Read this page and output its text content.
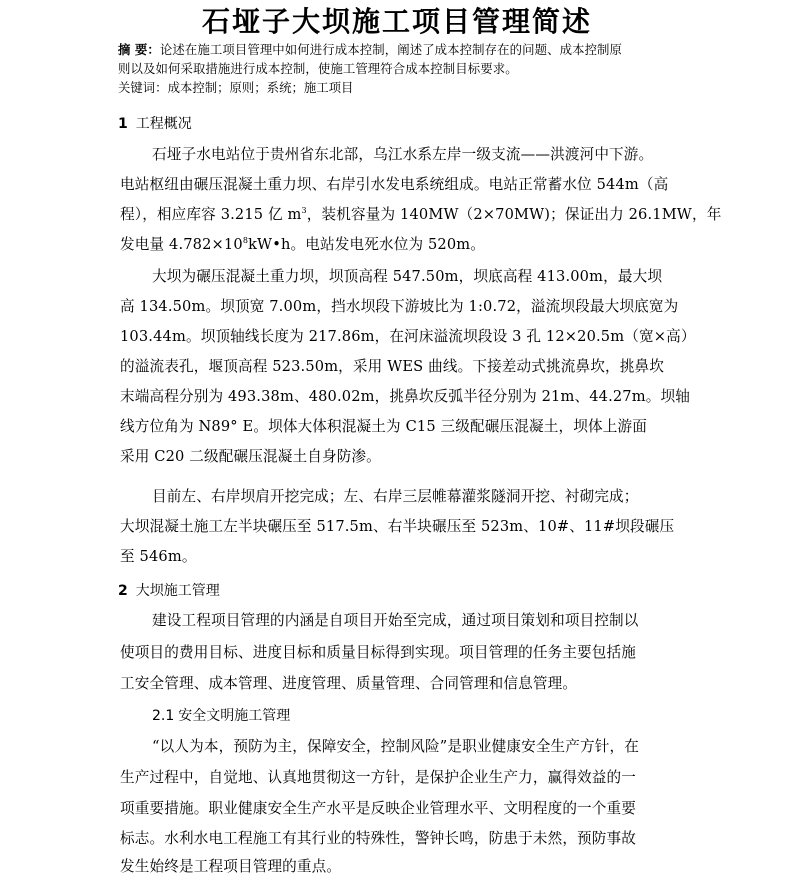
石垭子大坝施工项目管理简述
摘 要：论述在施工项目管理中如何进行成本控制，阐述了成本控制存在的问题、成本控制原
则以及如何采取措施进行成本控制，使施工管理符合成本控制目标要求。
关键词：成本控制；原则；系统；施工项目
1 工程概况
石垭子水电站位于贵州省东北部，乌江水系左岸一级支流——洪渡河中下游。
电站枢纽由碾压混凝土重力坝、右岸引水发电系统组成。电站正常蓄水位 544m（高
程），相应库容 3.215 亿 $m^3$，装机容量为 140MW（2×70MW)；保证出力 26.1MW，年
发电量 $4.782\times 10^8kW•h$。电站发电死水位为 520m。
大坝为碾压混凝土重力坝，坝顶高程 547.50m，坝底高程 413.00m，最大坝
高 134.50m。坝顶宽 7.00m，挡水坝段下游坡比为 1:0.72，溢流坝段最大坝底宽为
103.44m。坝顶轴线长度为 217.86m，在河床溢流坝段设 3 孔 12×20.5m（宽×高）
的溢流表孔，堰顶高程 523.50m，采用 WES 曲线。下接差动式挑流鼻坎，挑鼻坎
末端高程分别为 493.38m、480.02m，挑鼻坎反弧半径分别为 21m、44.27m。坝轴
线方位角为 N89° E。坝体大体积混凝土为 C15 三级配碾压混凝土，坝体上游面
采用 C20 二级配碾压混凝土自身防渗。
目前左、右岸坝肩开挖完成；左、右岸三层帷幕灌浆隧洞开挖、衬砌完成；
大坝混凝土施工左半块碾压至 517.5m、右半块碾压至 523m、10#、11#坝段碾压
至 546m。
2 大坝施工管理
建设工程项目管理的内涵是自项目开始至完成，通过项目策划和项目控制以
使项目的费用目标、进度目标和质量目标得到实现。项目管理的任务主要包括施
工安全管理、成本管理、进度管理、质量管理、合同管理和信息管理。
2.1 安全文明施工管理
“以人为本，预防为主，保障安全，控制风险”是职业健康安全生产方针，在
生产过程中，自觉地、认真地贯彻这一方针，是保护企业生产力，赢得效益的一
项重要措施。职业健康安全生产水平是反映企业管理水平、文明程度的一个重要
标志。水利水电工程施工有其行业的特殊性，警钟长鸣，防患于未然，预防事故
发生始终是工程项目管理的重点。
